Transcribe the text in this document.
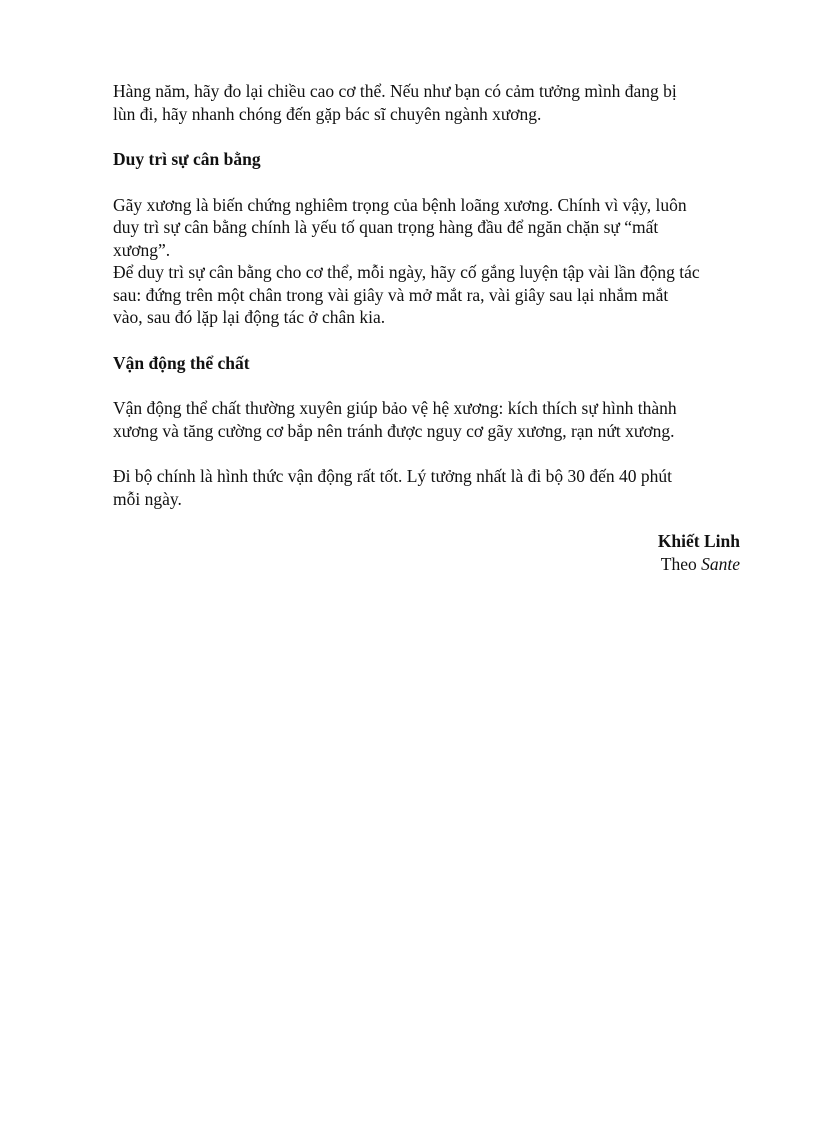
Hàng năm, hãy đo lại chiều cao cơ thể. Nếu như bạn có cảm tưởng mình đang bị
lùn đi, hãy nhanh chóng đến gặp bác sĩ chuyên ngành xương.

Duy trì sự cân bằng

Gãy xương là biến chứng nghiêm trọng của bệnh loãng xương. Chính vì vậy, luôn
duy trì sự cân bằng chính là yếu tố quan trọng hàng đầu để ngăn chặn sự “mất
xương”.

Để duy trì sự cân bằng cho cơ thể, mỗi ngày, hãy cố gắng luyện tập vài lần động tác
sau: đứng trên một chân trong vài giây và mở mắt ra, vài giây sau lại nhắm mắt
vào, sau đó lặp lại động tác ở chân kia.

Vận động thể chất

Vận động thể chất thường xuyên giúp bảo vệ hệ xương: kích thích sự hình thành
xương và tăng cường cơ bắp nên tránh được nguy cơ gãy xương, rạn nứt xương.

Đi bộ chính là hình thức vận động rất tốt. Lý tưởng nhất là đi bộ 30 đến 40 phút
mỗi ngày.

Khiết Linh
Theo Sante
